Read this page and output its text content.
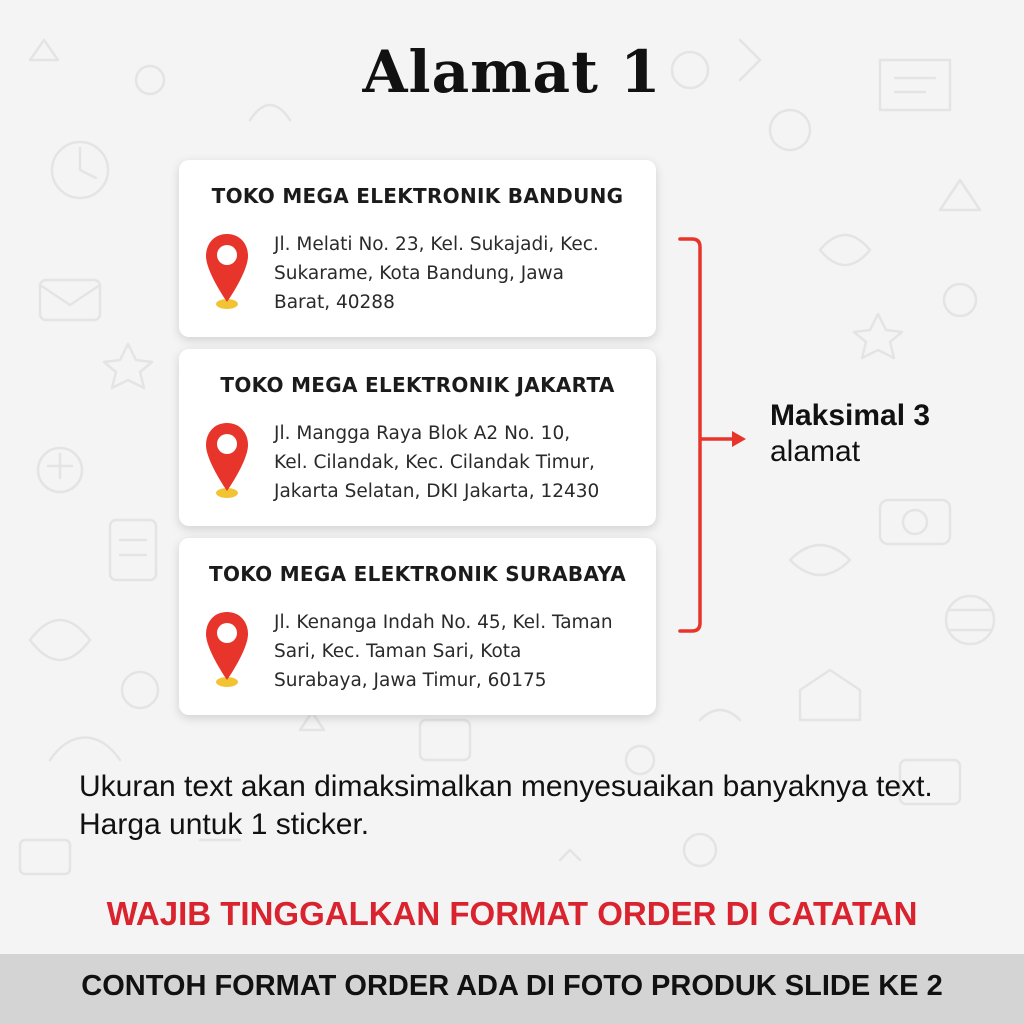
Alamat 1
TOKO MEGA ELEKTRONIK BANDUNG
Jl. Melati No. 23, Kel. Sukajadi, Kec.
Sukarame, Kota Bandung, Jawa
Barat, 40288
TOKO MEGA ELEKTRONIK JAKARTA
Jl. Mangga Raya Blok A2 No. 10,
Kel. Cilandak, Kec. Cilandak Timur,
Jakarta Selatan, DKI Jakarta, 12430
TOKO MEGA ELEKTRONIK SURABAYA
Jl. Kenanga Indah No. 45, Kel. Taman
Sari, Kec. Taman Sari, Kota
Surabaya, Jawa Timur, 60175
Maksimal 3
alamat
Ukuran text akan dimaksimalkan menyesuaikan banyaknya text. Harga untuk 1 sticker.
WAJIB TINGGALKAN FORMAT ORDER DI CATATAN
CONTOH FORMAT ORDER ADA DI FOTO PRODUK SLIDE KE 2
